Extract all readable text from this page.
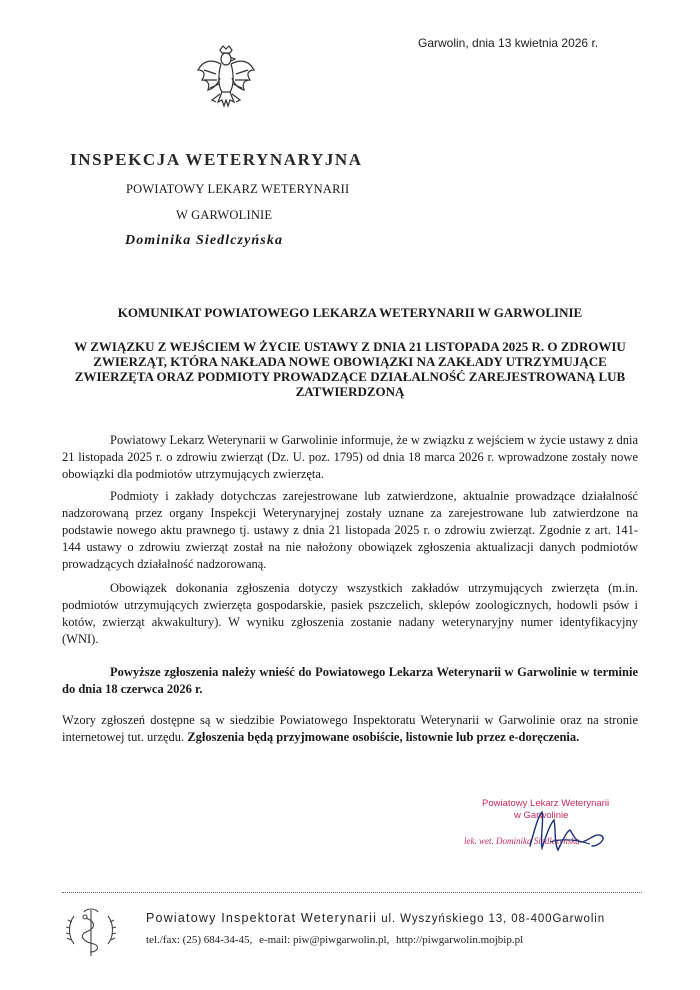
Garwolin, dnia 13 kwietnia 2026 r.
INSPEKCJA WETERYNARYJNA
POWIATOWY LEKARZ WETERYNARII
W GARWOLINIE
Dominika Siedlczyńska
KOMUNIKAT POWIATOWEGO LEKARZA WETERYNARII W GARWOLINIE
W ZWIĄZKU Z WEJŚCIEM W ŻYCIE USTAWY Z DNIA 21 LISTOPADA 2025 R. O ZDROWIU ZWIERZĄT, KTÓRA NAKŁADA NOWE OBOWIĄZKI NA ZAKŁADY UTRZYMUJĄCE ZWIERZĘTA ORAZ PODMIOTY PROWADZĄCE DZIAŁALNOŚĆ ZAREJESTROWANĄ LUB ZATWIERDZONĄ

Powiatowy Lekarz Weterynarii w Garwolinie informuje, że w związku z wejściem w życie ustawy z dnia 21 listopada 2025 r. o zdrowiu zwierząt (Dz. U. poz. 1795) od dnia 18 marca 2026 r. wprowadzone zostały nowe obowiązki dla podmiotów utrzymujących zwierzęta.

Podmioty i zakłady dotychczas zarejestrowane lub zatwierdzone, aktualnie prowadzące działalność nadzorowaną przez organy Inspekcji Weterynaryjnej zostały uznane za zarejestrowane lub zatwierdzone na podstawie nowego aktu prawnego tj. ustawy z dnia 21 listopada 2025 r. o zdrowiu zwierząt. Zgodnie z art. 141-144 ustawy o zdrowiu zwierząt został na nie nałożony obowiązek zgłoszenia aktualizacji danych podmiotów prowadzących działalność nadzorowaną.

Obowiązek dokonania zgłoszenia dotyczy wszystkich zakładów utrzymujących zwierzęta (m.in. podmiotów utrzymujących zwierzęta gospodarskie, pasiek pszczelich, sklepów zoologicznych, hodowli psów i kotów, zwierząt akwakultury). W wyniku zgłoszenia zostanie nadany weterynaryjny numer identyfikacyjny (WNI).

Powyższe zgłoszenia należy wnieść do Powiatowego Lekarza Weterynarii w Garwolinie w terminie do dnia 18 czerwca 2026 r.

Wzory zgłoszeń dostępne są w siedzibie Powiatowego Inspektoratu Weterynarii w Garwolinie oraz na stronie internetowej tut. urzędu. Zgłoszenia będą przyjmowane osobiście, listownie lub przez e-doręczenia.

Powiatowy Lekarz Weterynarii
w Garwolinie
lek. wet. Dominika Siedlczyńska
Powiatowy Inspektorat Weterynarii ul. Wyszyńskiego 13, 08-400Garwolin
tel./fax: (25) 684-34-45, e-mail: piw@piwgarwolin.pl, http://piwgarwolin.mojbip.pl
